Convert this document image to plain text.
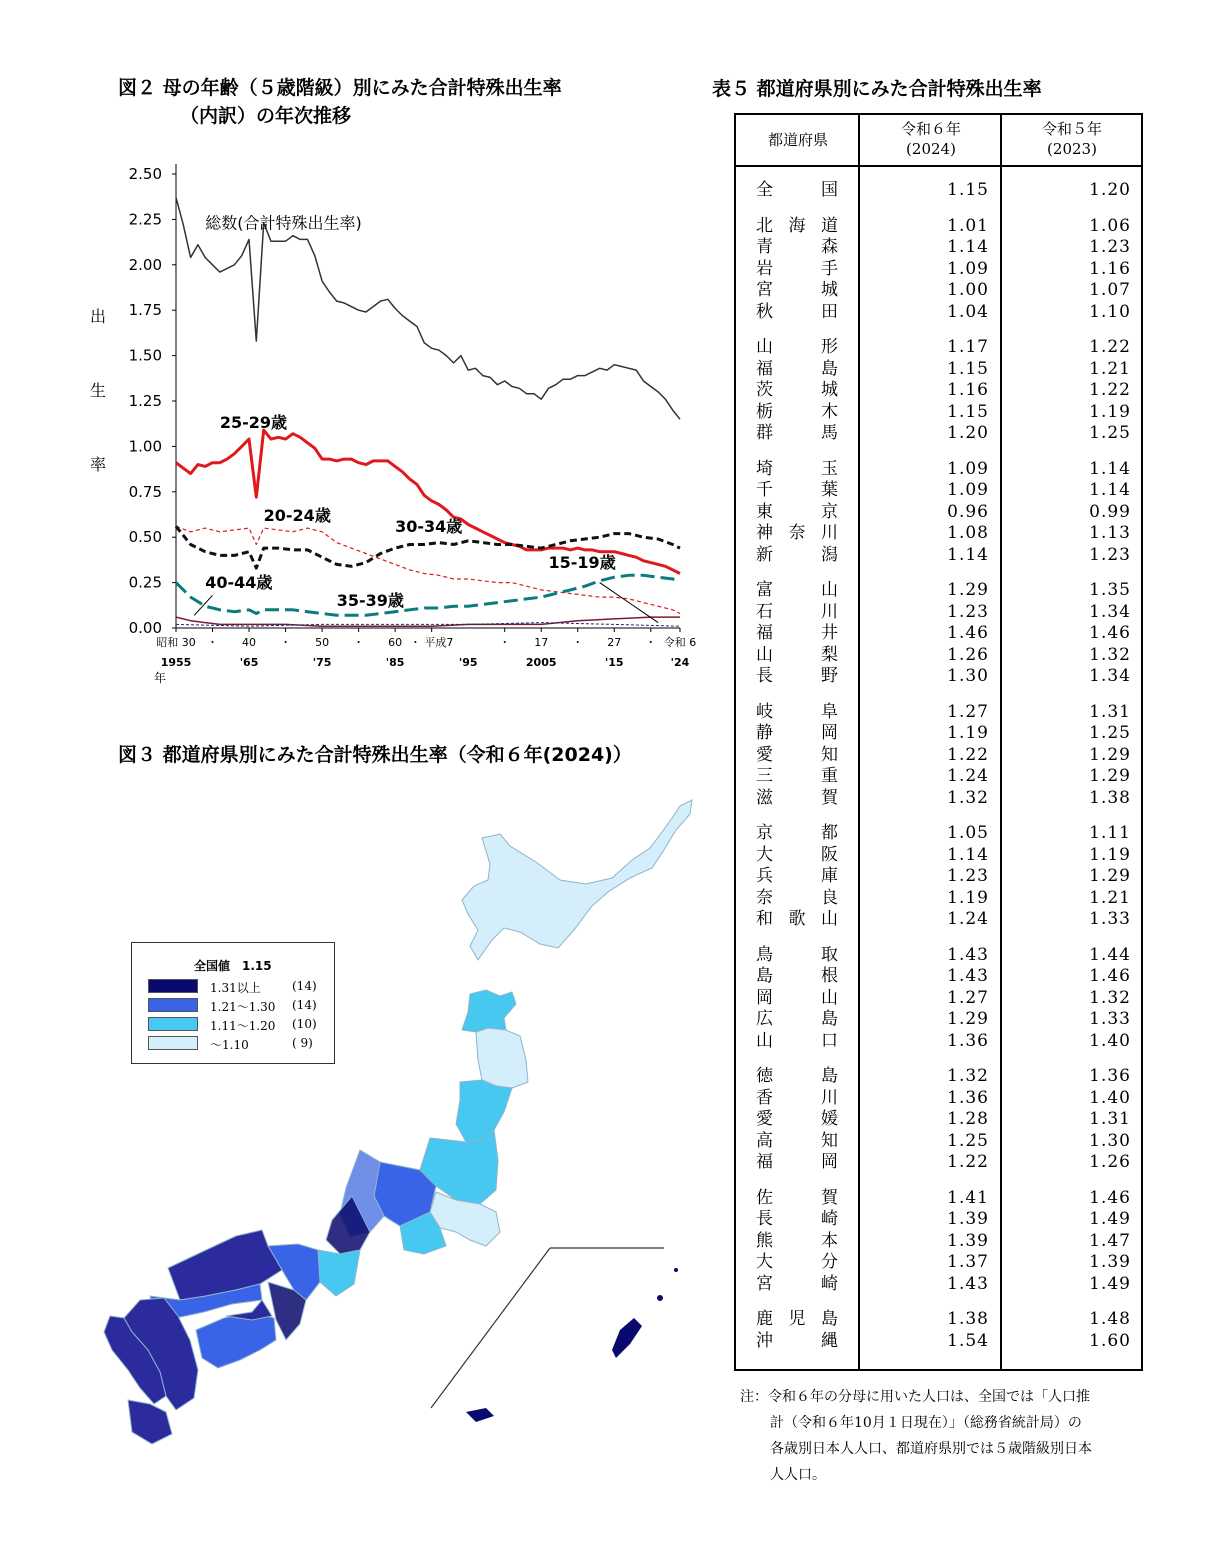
図２ 母の年齢（５歳階級）別にみた合計特殊出生率
（内訳）の年次推移
表５ 都道府県別にみた合計特殊出生率
0.00
0.25
0.50
0.75
1.00
1.25
1.50
1.75
2.00
2.25
2.50
出
生
率
昭和 30 ・ 40 ・ 50 ・ 60 ・ 平成7	・ 17 ・ 27 ・ 令和 6
1955	'65	'75	'85	'95	2005	'15	'24
年
総数(合計特殊出生率)
25-29歳
20-24歳
30-34歳
35-39歳
40-44歳
15-19歳
図３ 都道府県別にみた合計特殊出生率（令和６年(2024)）
全国値　1.15
1.31以上	(14)
1.21～1.30 (14)
1.11～1.20 (10)
～1.10	( 9)
都道府県
令和６年
(2024)
令和５年
(2023)
全	国	1.15	1.20
北 海 道	1.01	1.06
青	森	1.14	1.23
岩	手	1.09	1.16
宮	城	1.00	1.07
秋	田	1.04	1.10
山	形	1.17	1.22
福	島	1.15	1.21
茨	城	1.16	1.22
栃	木	1.15	1.19
群	馬	1.20	1.25
埼	玉	1.09	1.14
千	葉	1.09	1.14
東	京	0.96	0.99
神 奈 川	1.08	1.13
新	潟	1.14	1.23
富	山	1.29	1.35
石	川	1.23	1.34
福	井	1.46	1.46
山	梨	1.26	1.32
長	野	1.30	1.34
岐	阜	1.27	1.31
静	岡	1.19	1.25
愛	知	1.22	1.29
三	重	1.24	1.29
滋	賀	1.32	1.38
京	都	1.05	1.11
大	阪	1.14	1.19
兵	庫	1.23	1.29
奈	良	1.19	1.21
和 歌 山	1.24	1.33
鳥	取	1.43	1.44
島	根	1.43	1.46
岡	山	1.27	1.32
広	島	1.29	1.33
山	口	1.36	1.40
徳	島	1.32	1.36
香	川	1.36	1.40
愛	媛	1.28	1.31
高	知	1.25	1.30
福	岡	1.22	1.26
佐	賀	1.41	1.46
長	崎	1.39	1.49
熊	本	1.39	1.47
大	分	1.37	1.39
宮	崎	1.43	1.49
鹿 児 島	1.38	1.48
沖	縄	1.54	1.60
注：令和６年の分母に用いた人口は、全国では「人口推
計（令和６年10月１日現在）」（総務省統計局）の
各歳別日本人人口、都道府県別では５歳階級別日本
人人口。
